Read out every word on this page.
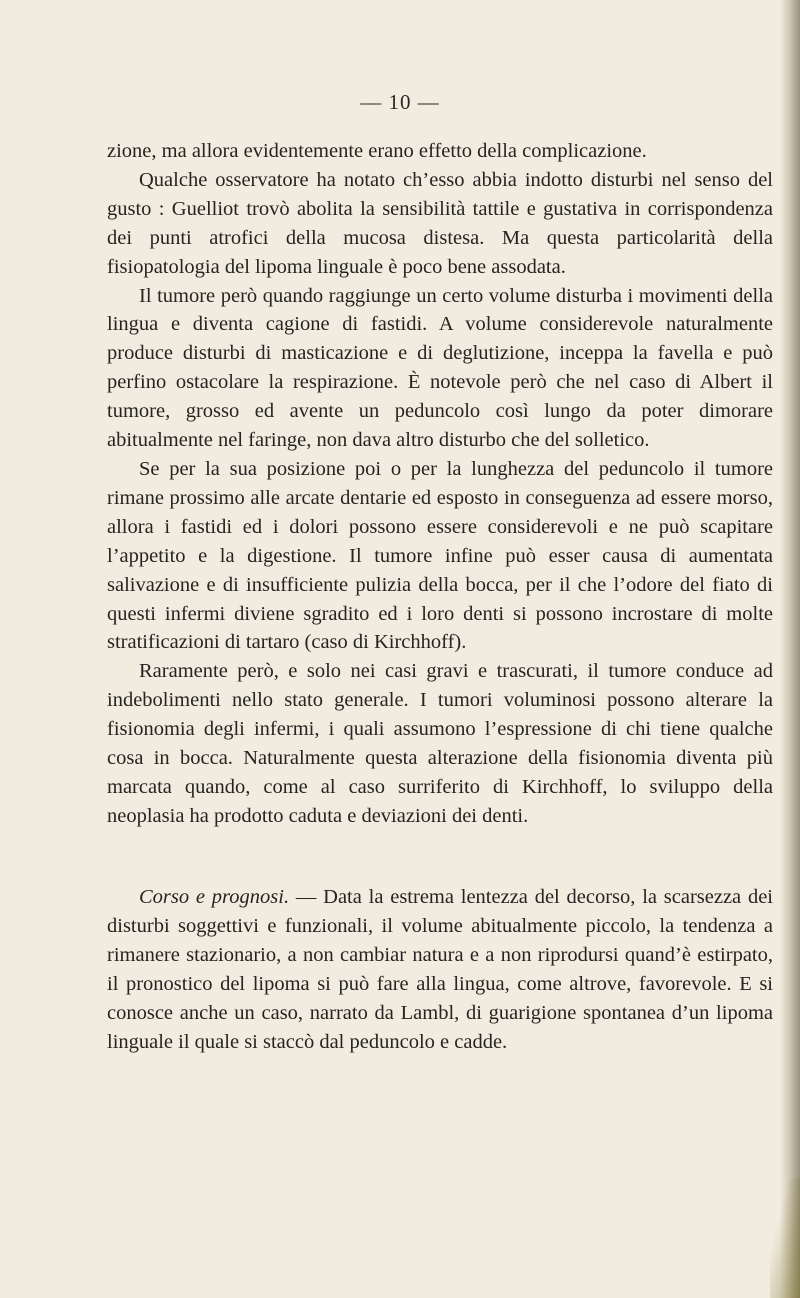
— 10 —

zione, ma allora evidentemente erano effetto della complicazione.

Qualche osservatore ha notato ch’esso abbia indotto disturbi nel senso del gusto : Guelliot trovò abolita la sensibilità tattile e gustativa in corrispondenza dei punti atrofici della mucosa distesa. Ma questa particolarità della fisiopatologia del lipoma linguale è poco bene assodata.

Il tumore però quando raggiunge un certo volume disturba i movimenti della lingua e diventa cagione di fastidi. A volume considerevole naturalmente produce disturbi di masticazione e di deglutizione, inceppa la favella e può perfino ostacolare la respirazione. È notevole però che nel caso di Albert il tumore, grosso ed avente un peduncolo così lungo da poter dimorare abitualmente nel faringe, non dava altro disturbo che del solletico.

Se per la sua posizione poi o per la lunghezza del peduncolo il tumore rimane prossimo alle arcate dentarie ed esposto in conseguenza ad essere morso, allora i fastidi ed i dolori possono essere considerevoli e ne può scapitare l’appetito e la digestione. Il tumore infine può esser causa di aumentata salivazione e di insufficiente pulizia della bocca, per il che l’odore del fiato di questi infermi diviene sgradito ed i loro denti si possono incrostare di molte stratificazioni di tartaro (caso di Kirchhoff).

Raramente però, e solo nei casi gravi e trascurati, il tumore conduce ad indebolimenti nello stato generale. I tumori voluminosi possono alterare la fisionomia degli infermi, i quali assumono l’espressione di chi tiene qualche cosa in bocca. Naturalmente questa alterazione della fisionomia diventa più marcata quando, come al caso surriferito di Kirchhoff, lo sviluppo della neoplasia ha prodotto caduta e deviazioni dei denti.

Corso e prognosi. — Data la estrema lentezza del decorso, la scarsezza dei disturbi soggettivi e funzionali, il volume abitualmente piccolo, la tendenza a rimanere stazionario, a non cambiar natura e a non riprodursi quand’è estirpato, il pronostico del lipoma si può fare alla lingua, come altrove, favorevole. E si conosce anche un caso, narrato da Lambl, di guarigione spontanea d’un lipoma linguale il quale si staccò dal peduncolo e cadde.
